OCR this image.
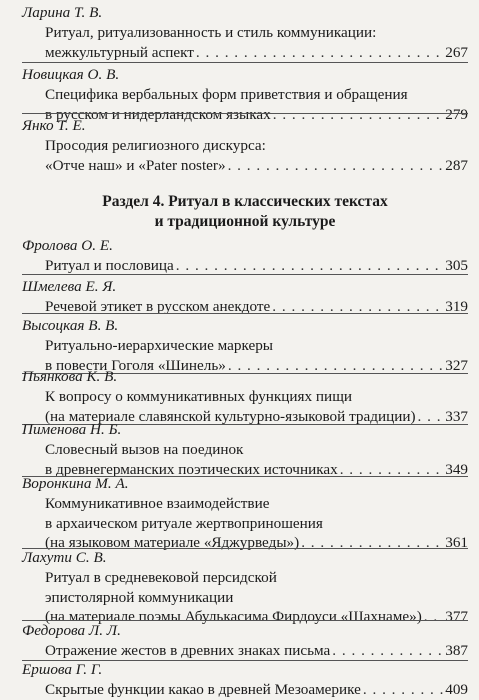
Ларина Т. В.
Ритуал, ритуализованность и стиль коммуникации:
межкультурный аспект . . .	267
Новицкая О. В.
Специфика вербальных форм приветствия и обращения
в русском и нидерландском языках . . .	279
Янко Т. Е.
Просодия религиозного дискурса:
«Отче наш» и «Pater noster» . . .	287
Раздел 4. Ритуал в классических текстах
и традиционной культуре
Фролова О. Е.
Ритуал и пословица . . .	305
Шмелева Е. Я.
Речевой этикет в русском анекдоте . . .	319
Высоцкая В. В.
Ритуально-иерархические маркеры
в повести Гоголя «Шинель» . . .	327
Пьянкова К. В.
К вопросу о коммуникативных функциях пищи
(на материале славянской культурно-языковой традиции) . . . 337
Пименова Н. Б.
Словесный вызов на поединок
в древнегерманских поэтических источниках . . .	349
Воронкина М. А.
Коммуникативное взаимодействие
в архаическом ритуале жертвоприношения
(на языковом материале «Яджурведы») . . .	361
Лахути С. В.
Ритуал в средневековой персидской
эпистолярной коммуникации
(на материале поэмы Абулькасима Фирдоуси «Шахнаме») . . . 377
Федорова Л. Л.
Отражение жестов в древних знаках письма . . .	387
Ершова Г. Г.
Скрытые функции какао в древней Мезоамерике . . .	409
